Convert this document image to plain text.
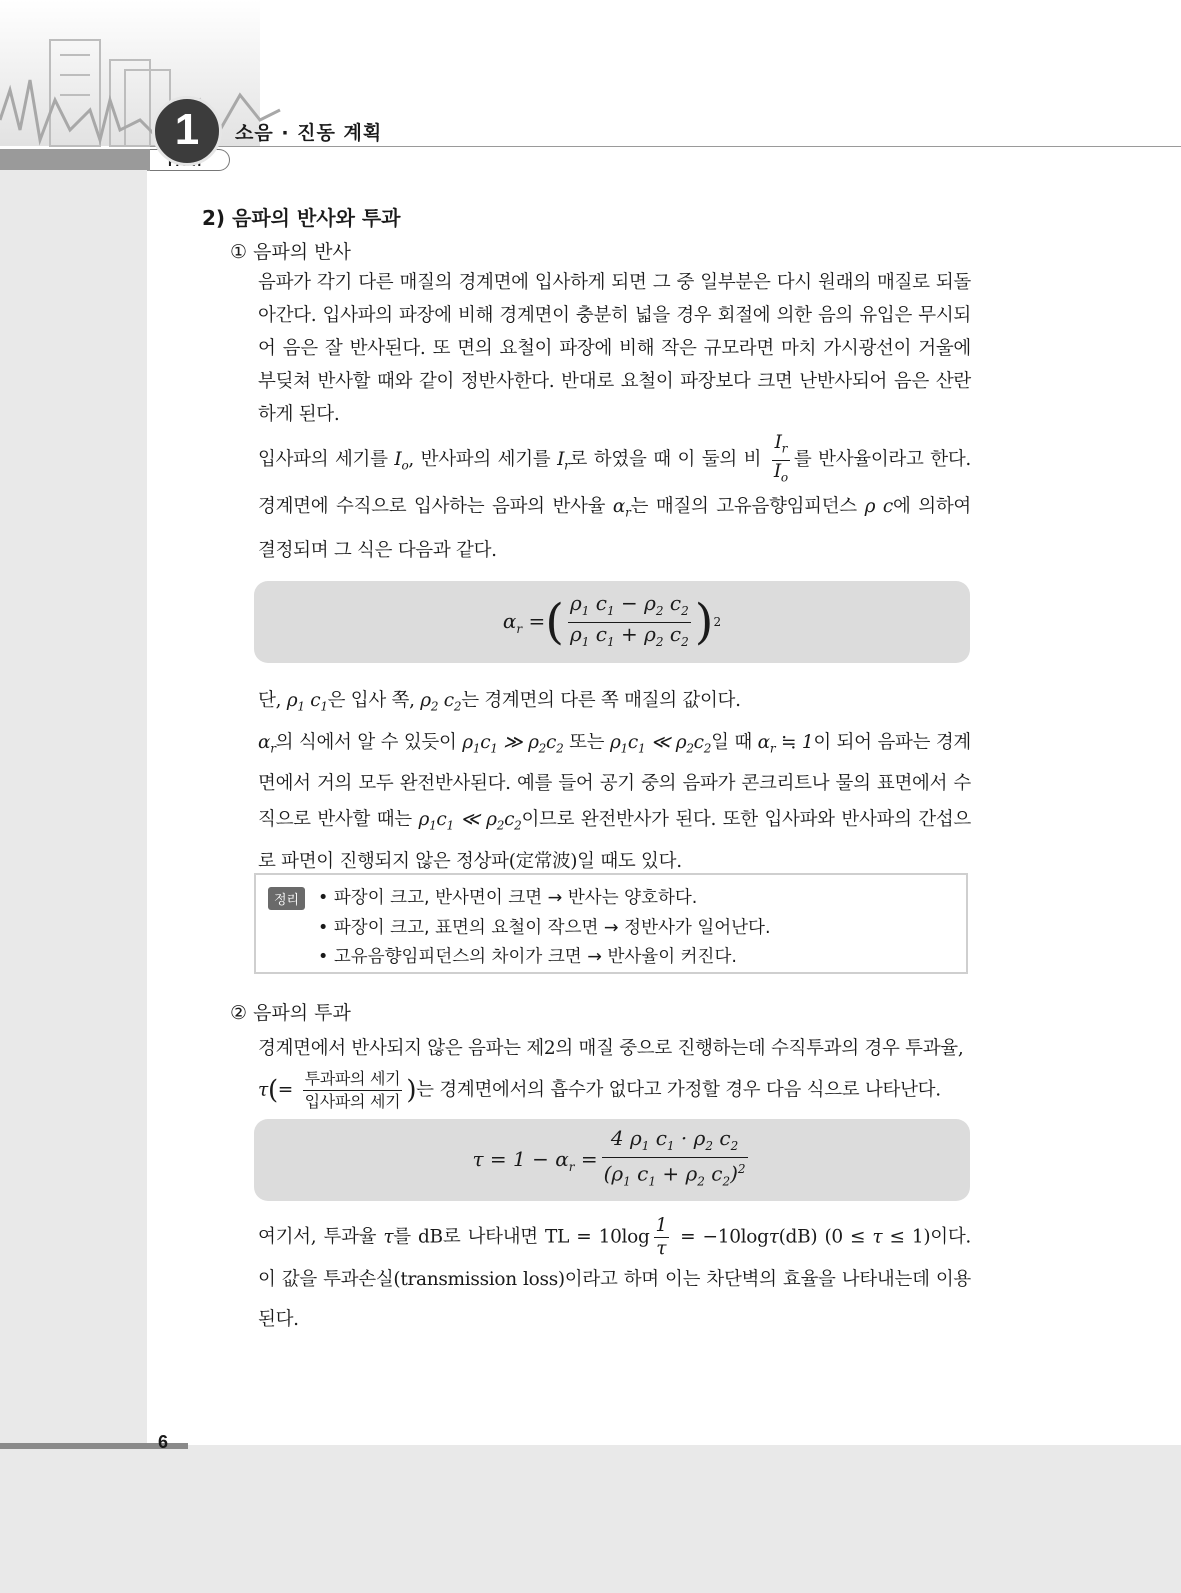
1	소음 · 진동 계획
2) 음파의 반사와 투과
① 음파의 반사
음파가 각기 다른 매질의 경계면에 입사하게 되면 그 중 일부분은 다시 원래의 매질로 되돌아간다. 입사파의 파장에 비해 경계면이 충분히 넓을 경우 회절에 의한 음의 유입은 무시되어 음은 잘 반사된다. 또 면의 요철이 파장에 비해 작은 규모라면 마치 가시광선이 거울에 부딪쳐 반사할 때와 같이 정반사한다. 반대로 요철이 파장보다 크면 난반사되어 음은 산란하게 된다.
입사파의 세기를 $I_o$, 반사파의 세기를 $I_r$로 하였을 때 이 둘의 비 $\frac{I_r}{I_o}$ 를 반사율이라고 한다. 경계면에 수직으로 입사하는 음파의 반사율 $\alpha_r$는 매질의 고유음향임피던스 ρ c에 의하여 결정되며 그 식은 다음과 같다.
$\alpha_r$ = ( $\frac{\rho_1 c_1 - \rho_2 c_2}{\rho_1 c_1 + \rho_2 c_2}$ ) 2
단, $\rho_1$ $c_1$은 입사 쪽, $\rho_2$ $c_2$는 경계면의 다른 쪽 매질의 값이다.
$\alpha_r$의 식에서 알 수 있듯이 $\rho_1c_1$ ≫ $\rho_2c_2$ 또는 $\rho_1c_1$ ≪ $\rho_2c_2$일 때 $\alpha_r$ ≒ 1이 되어 음파는 경계면에서 거의 모두 완전반사된다. 예를 들어 공기 중의 음파가 콘크리트나 물의 표면에서 수직으로 반사할 때는 $\rho_1c_1$ ≪ $\rho_2c_2$이므로 완전반사가 된다. 또한 입사파와 반사파의 간섭으로 파면이 진행되지 않은 정상파(定常波)일 때도 있다.
정리
•	파장이 크고, 반사면이 크면 → 반사는 양호하다.
• 파장이 크고, 표면의 요철이 작으면 → 정반사가 일어난다.
• 고유음향임피던스의 차이가 크면 → 반사율이 커진다.
② 음파의 투과
경계면에서 반사되지 않은 음파는 제2의 매질 중으로 진행하는데 수직투과의 경우 투과율,
$\tau(= \frac{\text{투과파의 세기}}{\text{입사파의 세기}}$ )는 경계면에서의 흡수가 없다고 가정할 경우 다음 식으로 나타난다.
$\tau = 1 - \alpha_r = \frac{4 \rho_1 c_1 \cdot \rho_2 c_2}{(\rho_1 c_1 + \rho_2 c_2)^2}$
여기서, 투과율 τ를 dB로 나타내면 TL = $10\log \frac{1}{\tau} = -10\log\tau(dB) (0 \le \tau \le 1)$이다. 이 값을 투과손실(transmission loss)이라고 하며 이는 차단벽의 효율을 나타내는데 이용된다.
6
